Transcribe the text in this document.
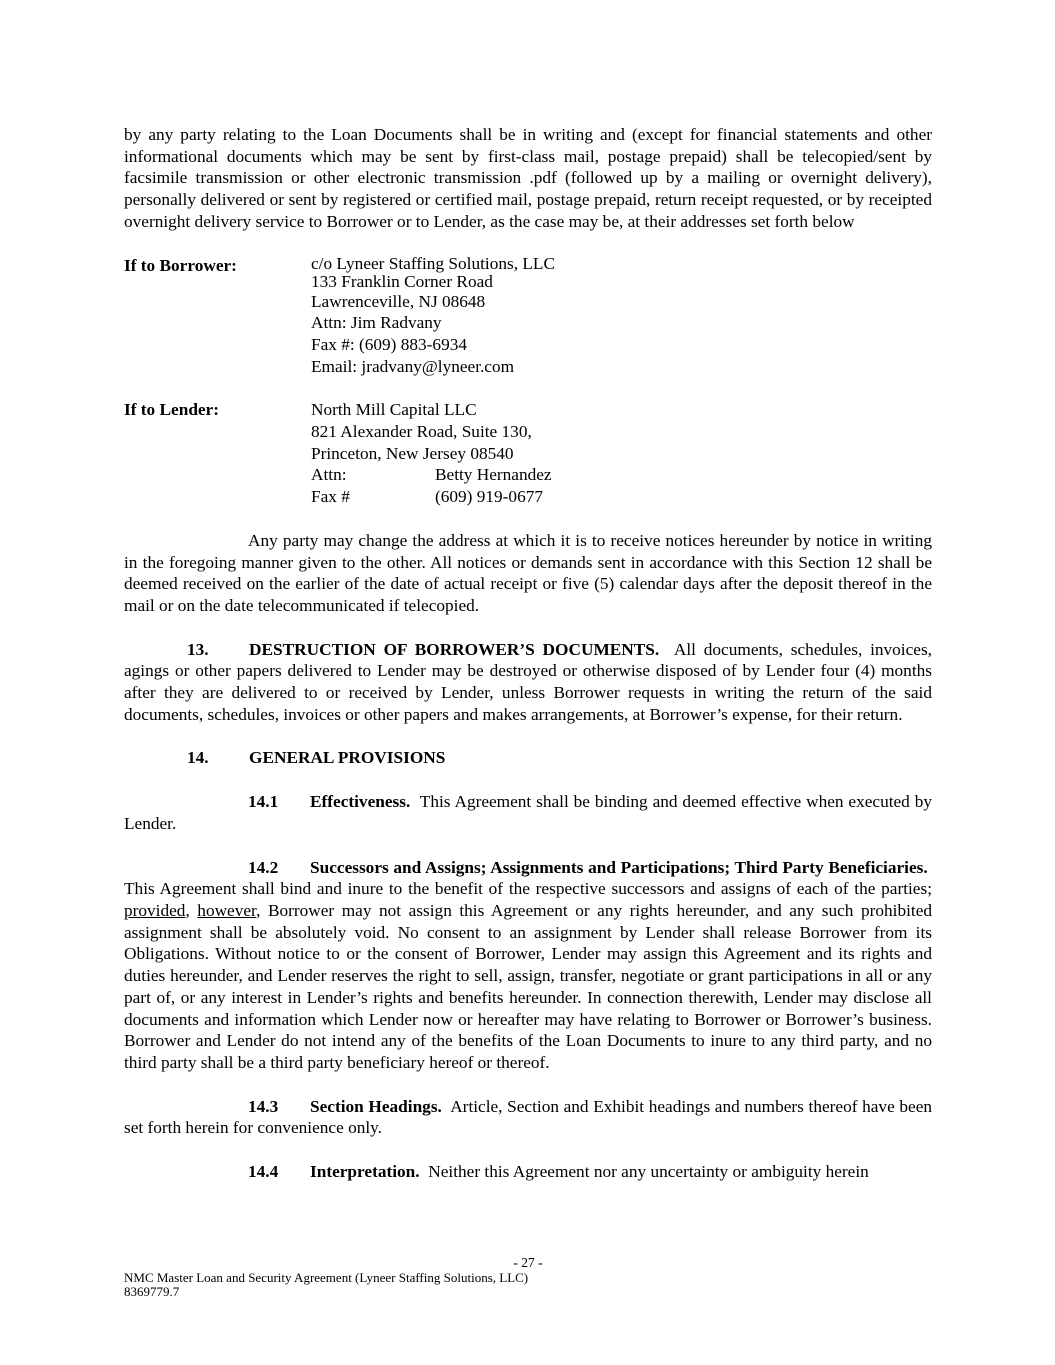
by any party relating to the Loan Documents shall be in writing and (except for financial statements and other informational documents which may be sent by first-class mail, postage prepaid) shall be telecopied/sent by facsimile transmission or other electronic transmission .pdf (followed up by a mailing or overnight delivery), personally delivered or sent by registered or certified mail, postage prepaid, return receipt requested, or by receipted overnight delivery service to Borrower or to Lender, as the case may be, at their addresses set forth below

If to Borrower:	c/o Lyneer Staffing Solutions, LLC
133 Franklin Corner Road
Lawrenceville, NJ 08648
Attn: Jim Radvany
Fax #: (609) 883-6934
Email: jradvany@lyneer.com
If to Lender:	North Mill Capital LLC
821 Alexander Road, Suite 130,
Princeton, New Jersey 08540
Attn:	Betty Hernandez
Fax #	(609) 919-0677

Any party may change the address at which it is to receive notices hereunder by notice in writing in the foregoing manner given to the other. All notices or demands sent in accordance with this Section 12 shall be deemed received on the earlier of the date of actual receipt or five (5) calendar days after the deposit thereof in the mail or on the date telecommunicated if telecopied.

13. DESTRUCTION OF BORROWER’S DOCUMENTS. All documents, schedules, invoices, agings or other papers delivered to Lender may be destroyed or otherwise disposed of by Lender four (4) months after they are delivered to or received by Lender, unless Borrower requests in writing the return of the said documents, schedules, invoices or other papers and makes arrangements, at Borrower’s expense, for their return.

14. GENERAL PROVISIONS

14.1 Effectiveness. This Agreement shall be binding and deemed effective when executed by Lender.

14.2 Successors and Assigns; Assignments and Participations; Third Party Beneficiaries.  This Agreement shall bind and inure to the benefit of the respective successors and assigns of each of the parties; provided, however, Borrower may not assign this Agreement or any rights hereunder, and any such prohibited assignment shall be absolutely void. No consent to an assignment by Lender shall release Borrower from its Obligations. Without notice to or the consent of Borrower, Lender may assign this Agreement and its rights and duties hereunder, and Lender reserves the right to sell, assign, transfer, negotiate or grant participations in all or any part of, or any interest in Lender’s rights and benefits hereunder. In connection therewith, Lender may disclose all documents and information which Lender now or hereafter may have relating to Borrower or Borrower’s business. Borrower and Lender do not intend any of the benefits of the Loan Documents to inure to any third party, and no third party shall be a third party beneficiary hereof or thereof.

14.3 Section Headings. Article, Section and Exhibit headings and numbers thereof have been set forth herein for convenience only.

14.4 Interpretation. Neither this Agreement nor any uncertainty or ambiguity herein

- 27 -
NMC Master Loan and Security Agreement (Lyneer Staffing Solutions, LLC)
8369779.7
